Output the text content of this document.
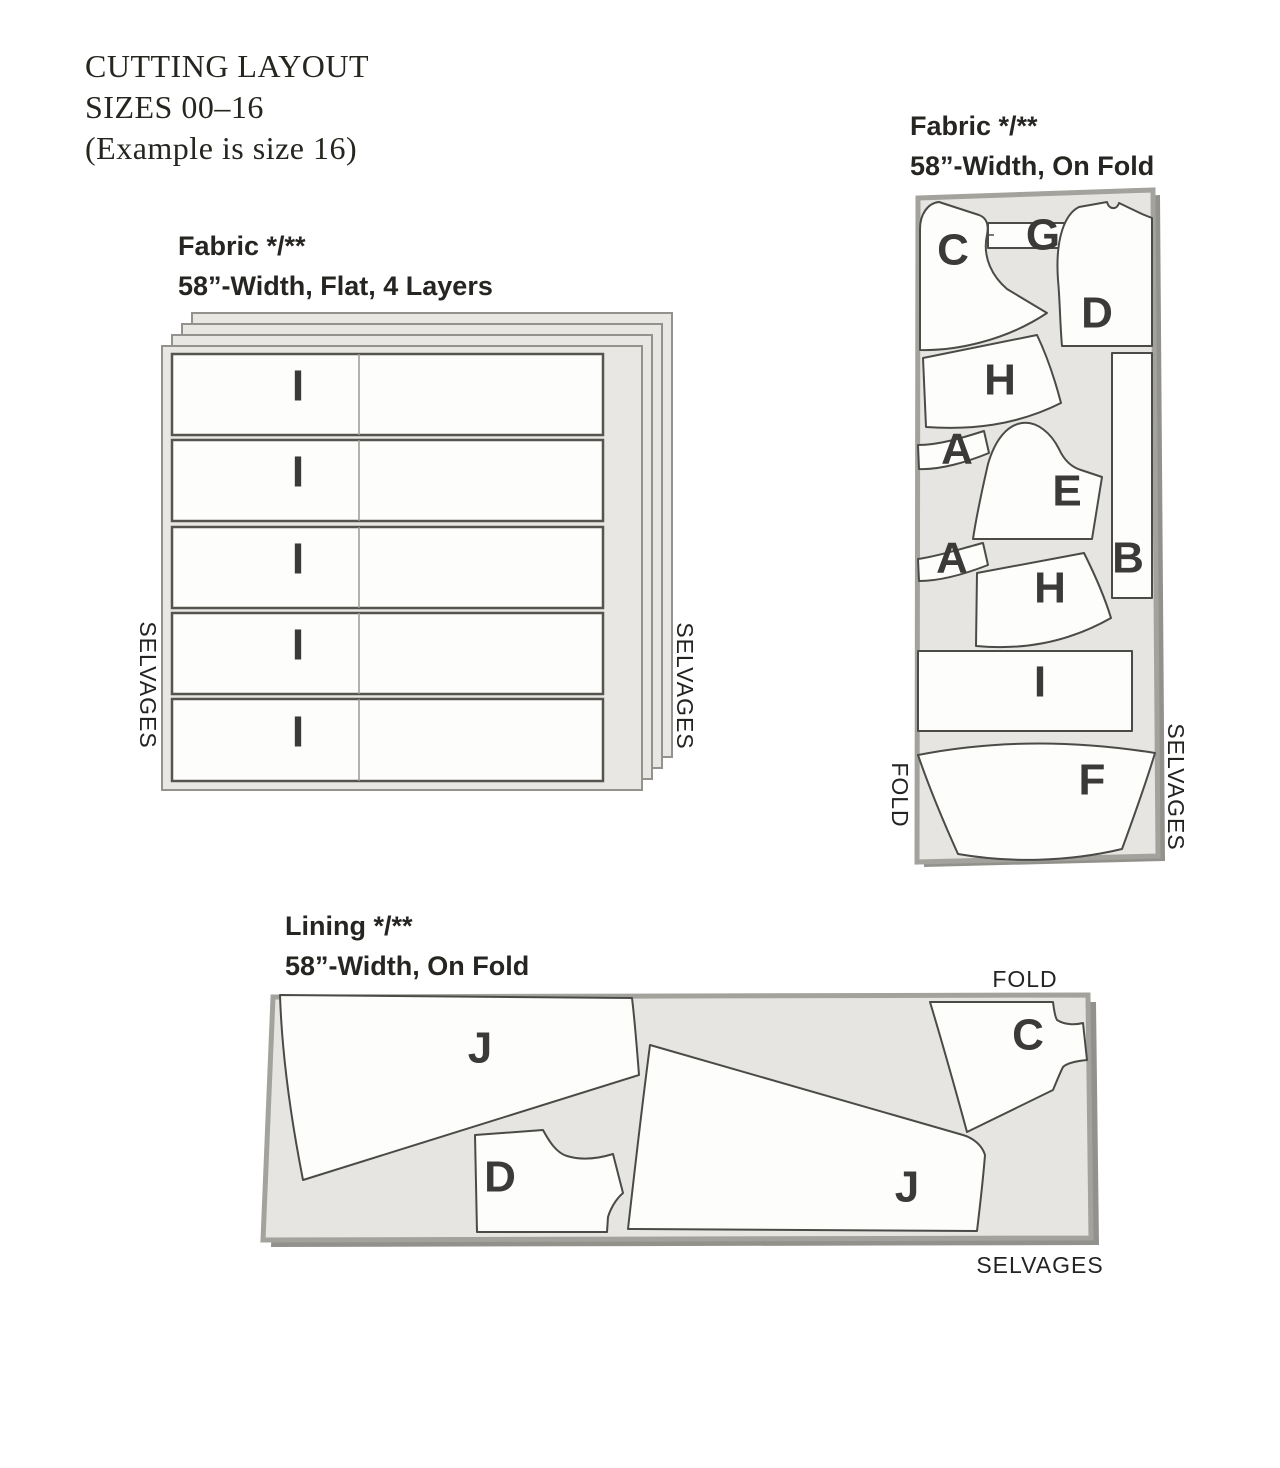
CUTTING LAYOUT
SIZES 00–16
(Example is size 16)
Fabric */**
58”-Width, Flat, 4 Layers
Fabric */**
58”-Width, On Fold
Lining */**
58”-Width, On Fold
I
I
I
I
I
SELVAGES	SELVAGES
C G
D
H
A
E
A	B
H
I
F
FOLD	SELVAGES
J
D	J
C
FOLD
SELVAGES
